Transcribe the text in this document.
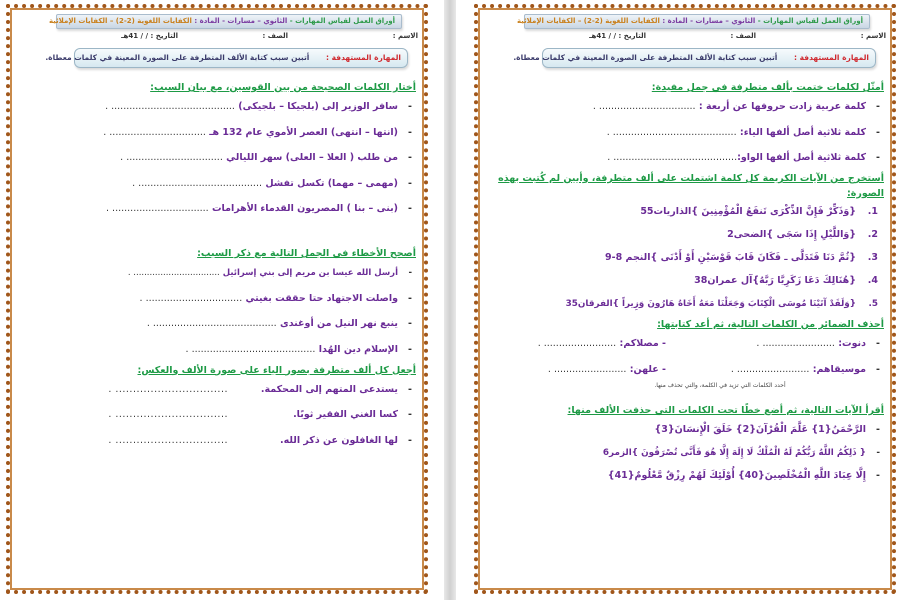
أوراق العمل لقياس المهارات - الثانوي – مسارات - المادة : الكفايات اللغوية (2-2) – الكفايات الإملائية
الاسم :
الصف :
التاريخ : / / 41هـ
المهارة المستهدفة : أتبين سبب كتابة الألف المتطرفة على الصورة المعينة في كلمات معطاة.
أختار الكلمات الصحيحة من بين القوسين، مع بيان السبب:
-
سافر الوزير إلى (بلجيكا – بلجيكى) ......................................... .
-
(انتها – انتهى) العصر الأموي عام 132 هـ ................................ .
-
من طلب ( العلا – العلى) سهر الليالي ................................ .
-
(مهمى – مهما) تكسل تفشل ......................................... .
-
(بنى – بنا ) المصريون القدماء الأهرامات ................................ .
أصحح الأخطاء في الجمل التالية مع ذكر السبب:
-
أرسل الله عيسا بن مريم إلى بني إسرائيل ................................ .
-
واصلت الاجتهاد حتا حققت بغيتي ................................ .
-
ينبع نهر النيل من أوغندى ......................................... .
-
الإسلام دين الهُدا ......................................... .
أجعل كل ألف متطرفة بصور الياء على صورة الألف والعكس:
-
يستدعى المتهم إلى المحكمة................................. .
-
كسا الغني الفقير ثوبًا................................. .
-
لها الغافلون عن ذكر الله................................. .
أوراق العمل لقياس المهارات - الثانوي – مسارات - المادة : الكفايات اللغوية (2-2) – الكفايات الإملائية
الاسم :
الصف :
التاريخ : / / 41هـ
المهارة المستهدفة : أتبين سبب كتابة الألف المتطرفة على الصورة المعينة في كلمات معطاة.
أمثّل لكلمات ختمت بألف متطرفة في جمل مفيدة:
-
كلمة عربية زادت حروفها عن أربعة : ................................ .
-
كلمة ثلاثية أصل ألفها الياء: ......................................... .
-
كلمة ثلاثية أصل ألفها الواو:......................................... .
أستخرج من الآيات الكريمة كل كلمة اشتملت على ألف متطرفة، وأبين لم كُتبت بهذه الصورة:
1.
{وَذَكِّرْ فَإِنَّ الذِّكْرَى تَنفَعُ الْمُؤْمِنِينَ }الذاريات55
2.
{وَاللَّيْلِ إِذَا سَجَى }الضحى2
3.
{ثُمَّ دَنَا فَتَدَلَّى ـ فَكَانَ قَابَ قَوْسَيْنِ أَوْ أَدْنَى }النجم 8-9
4.
{هُنَالِكَ دَعَا زَكَرِيَّا رَبَّهُ}آل عمران38
5.
{وَلَقَدْ آتَيْنَا مُوسَى الْكِتَابَ وَجَعَلْنَا مَعَهُ أَخَاهُ هَارُونَ وَزِيراً }الفرقان35
أحذف الضمائر من الكلمات التالية، ثم أعد كتابتها:
-
دنوت: ........................ .
- مصلاكم: ........................ .
-
موسيقاهم: ........................ .
- علهن: ........................ .
أحدد الكلمات التي تزيد في الكلمة، والتي تحذف منها.
أقرأ الآيات التالية، ثم أضع خطًا تحت الكلمات التي حذفت الألف منها:
-
الرَّحْمَنُ{1} عَلَّمَ الْقُرْآنَ{2} خَلَقَ الْإِنسَانَ{3}
-
{ ذَلِكُمُ اللَّهُ رَبُّكُمْ لَهُ الْمُلْكُ لَا إِلَهَ إِلَّا هُوَ فَأَنَّى تُصْرَفُونَ }الزمر6
-
إِلَّا عِبَادَ اللَّهِ الْمُخْلَصِينَ{40} أُوْلَئِكَ لَهُمْ رِزْقٌ مَّعْلُومٌ{41}
